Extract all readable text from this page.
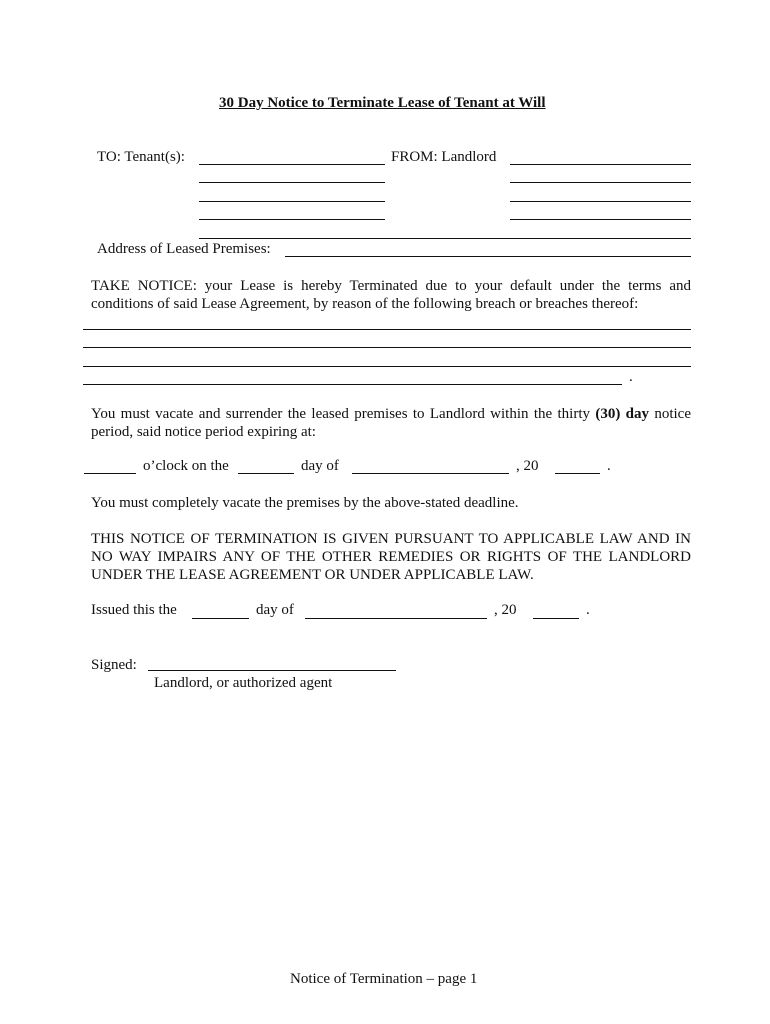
30 Day Notice to Terminate Lease of Tenant at Will
TO: Tenant(s):	FROM: Landlord
Address of Leased Premises:
TAKE NOTICE: your Lease is hereby Terminated due to your default under the terms and conditions of said Lease Agreement, by reason of the following breach or breaches thereof:
.
You must vacate and surrender the leased premises to Landlord within the thirty (30) day notice period, said notice period expiring at:
o’clock on the	day of	, 20	.
You must completely vacate the premises by the above-stated deadline.
THIS NOTICE OF TERMINATION IS GIVEN PURSUANT TO APPLICABLE LAW AND IN NO WAY IMPAIRS ANY OF THE OTHER REMEDIES OR RIGHTS OF THE LANDLORD UNDER THE LEASE AGREEMENT OR UNDER APPLICABLE LAW.
Issued this the	day of	, 20	.
Signed:
Landlord, or authorized agent
Notice of Termination – page 1
